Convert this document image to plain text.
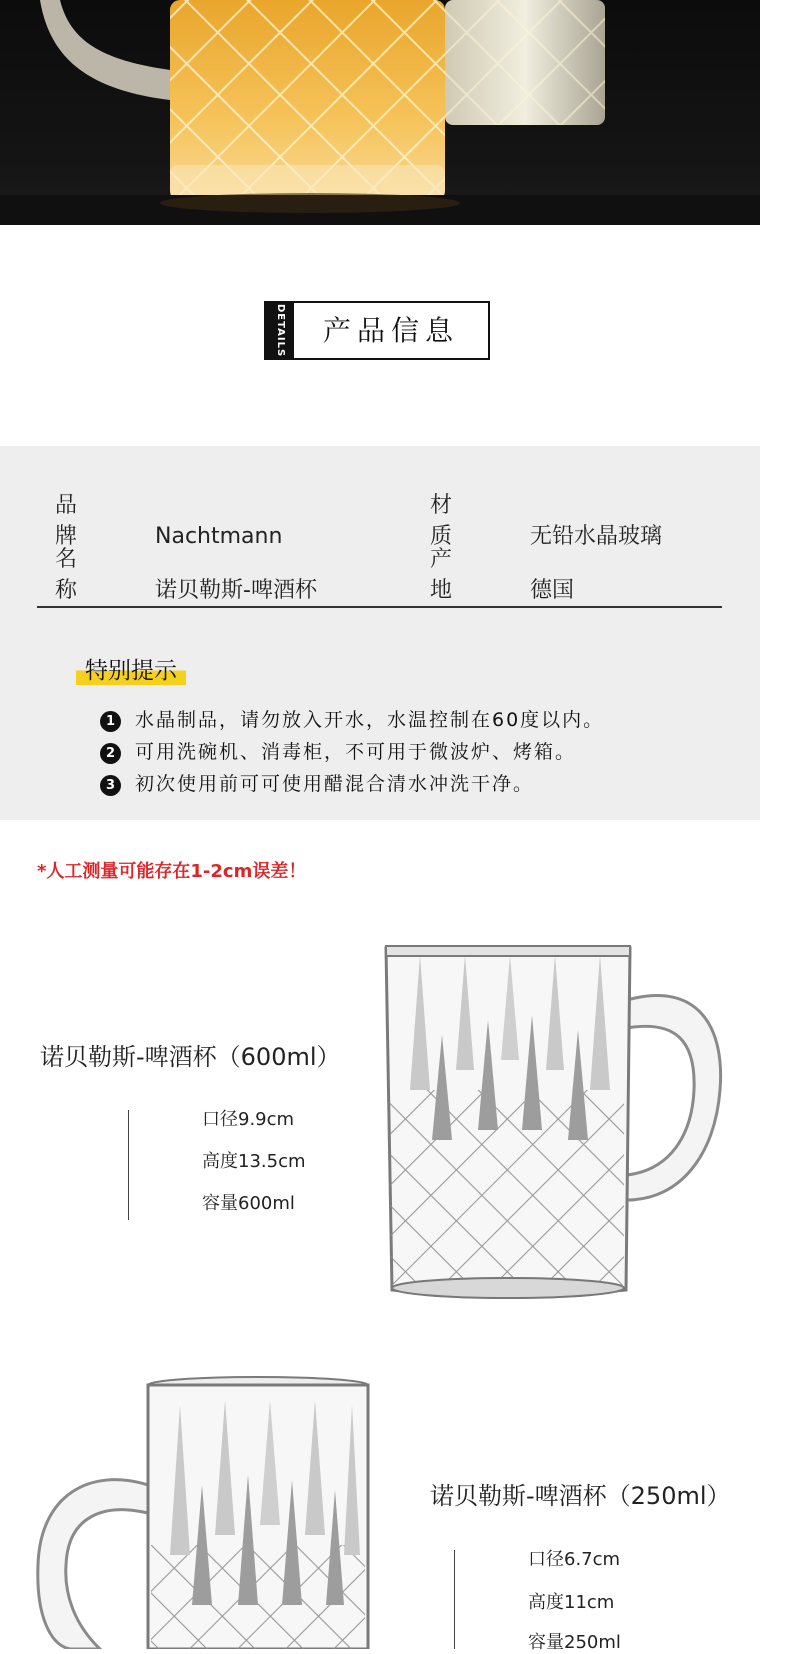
DETAILS	产品信息
品牌	Nachtmann
材质	无铅水晶玻璃
名称	诺贝勒斯-啤酒杯
产地	德国
特别提示
1 水晶制品，请勿放入开水，水温控制在60度以内。
2 可用洗碗机、消毒柜，不可用于微波炉、烤箱。
3 初次使用前可可使用醋混合清水冲洗干净。
*人工测量可能存在1-2cm误差！
诺贝勒斯-啤酒杯（600ml）
口径9.9cm
高度13.5cm
容量600ml
诺贝勒斯-啤酒杯（250ml）
口径6.7cm
高度11cm
容量250ml
